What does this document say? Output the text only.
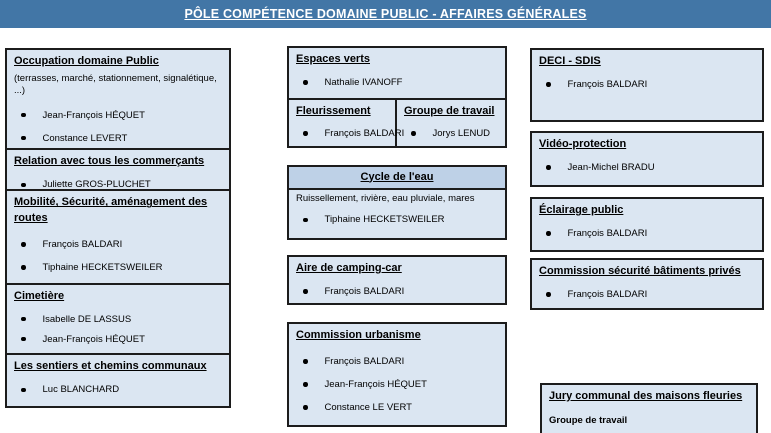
PÔLE COMPÉTENCE DOMAINE PUBLIC - AFFAIRES GÉNÉRALES
Occupation domaine Public
(terrasses, marché, stationnement, signalétique, ...)
Jean-François HÉQUET
Constance LEVERT
Relation avec tous les commerçants
Juliette GROS-PLUCHET
Mobilité, Sécurité, aménagement des routes
François BALDARI
Tiphaine HECKETSWEILER
Cimetière
Isabelle DE LASSUS
Jean-François HÉQUET
Les sentiers et chemins communaux
Luc BLANCHARD
Espaces verts
Nathalie IVANOFF
Fleurissement
François BALDARI
Groupe de travail
Jorys LENUD
Cycle de l'eau
Ruissellement, rivière, eau pluviale, mares
Tiphaine HECKETSWEILER
Aire de camping-car
François BALDARI
Commission urbanisme
François BALDARI
Jean-François HÉQUET
Constance LE VERT
DECI - SDIS
François BALDARI
Vidéo-protection
Jean-Michel BRADU
Éclairage public
François BALDARI
Commission sécurité bâtiments privés
François BALDARI
Jury communal des maisons fleuries
Groupe de travail
